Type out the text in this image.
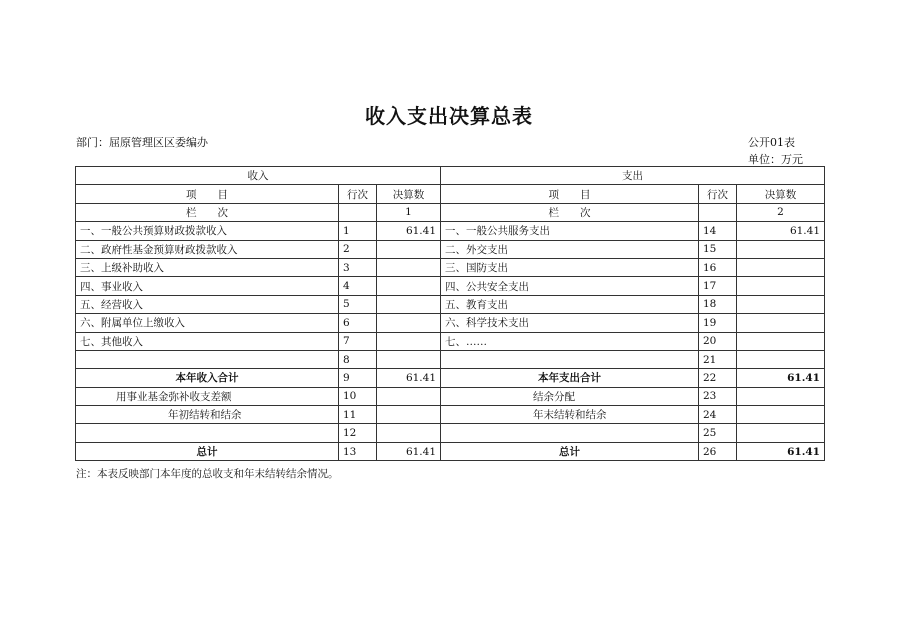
收入支出决算总表
部门：屈原管理区区委编办	公开01表
单位：万元
收入			支出		
项　　目	行次	决算数	项　　目	行次	决算数
栏　　次		1	栏　　次		2
一、一般公共预算财政拨款收入	1	61.41	一、一般公共服务支出	14	61.41
二、政府性基金预算财政拨款收入	2		二、外交支出	15	
三、上级补助收入	3		三、国防支出	16	
四、事业收入	4		四、公共安全支出	17	
五、经营收入	5		五、教育支出	18	
六、附属单位上缴收入	6		六、科学技术支出	19	
七、其他收入	7		七、……	20	
	8			21	
本年收入合计	9	61.41	本年支出合计	22	61.41
用事业基金弥补收支差额	10		结余分配	23	
年初结转和结余	11		年末结转和结余	24	
	12			25	
总计	13	61.41	总计	26	61.41
注：本表反映部门本年度的总收支和年末结转结余情况。
